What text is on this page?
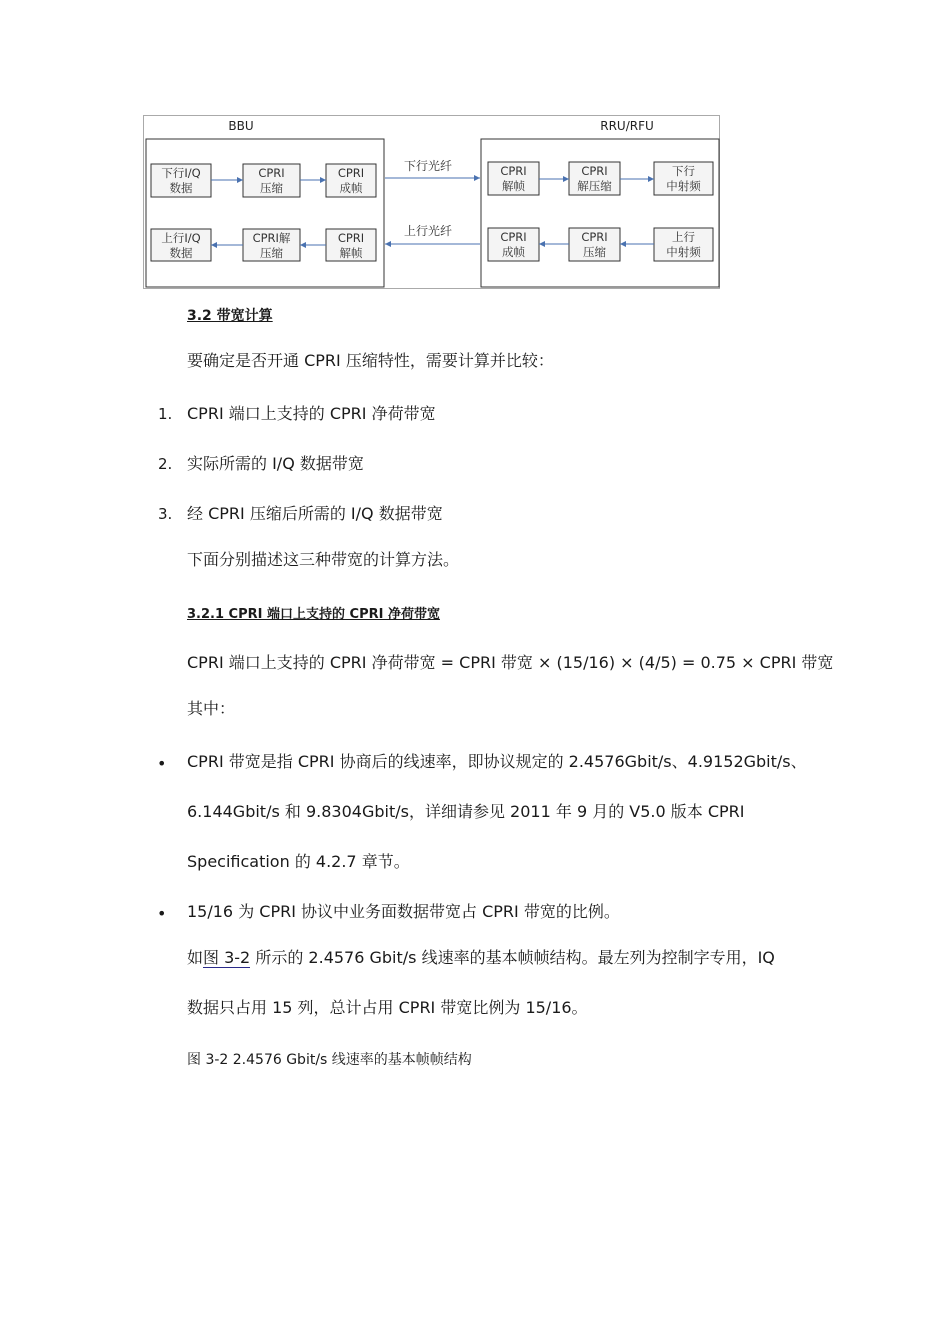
BBU	RRU/RFU
下行I/Q
数据
CPRI
压缩
CPRI
成帧
上行I/Q
数据
CPRI解
压缩
CPRI
解帧
CPRI
解帧
CPRI
解压缩
下行
中射频
CPRI
成帧
CPRI
压缩
上行
中射频
下行光纤
上行光纤
3.2 带宽计算
要确定是否开通 CPRI 压缩特性，需要计算并比较：
1. CPRI 端口上支持的 CPRI 净荷带宽
2. 实际所需的 I/Q 数据带宽
3. 经 CPRI 压缩后所需的 I/Q 数据带宽
下面分别描述这三种带宽的计算方法。
3.2.1 CPRI 端口上支持的 CPRI 净荷带宽
CPRI 端口上支持的 CPRI 净荷带宽 = CPRI 带宽 × (15/16) × (4/5) = 0.75 × CPRI 带宽
其中：
• CPRI 带宽是指 CPRI 协商后的线速率，即协议规定的 2.4576Gbit/s、4.9152Gbit/s、
6.144Gbit/s 和 9.8304Gbit/s，详细请参见 2011 年 9 月的 V5.0 版本 CPRI
Specification 的 4.2.7 章节。
• 15/16 为 CPRI 协议中业务面数据带宽占 CPRI 带宽的比例。
如图 3-2 所示的 2.4576 Gbit/s 线速率的基本帧帧结构。最左列为控制字专用，IQ
数据只占用 15 列，总计占用 CPRI 带宽比例为 15/16。
图 3-2 2.4576 Gbit/s 线速率的基本帧帧结构
